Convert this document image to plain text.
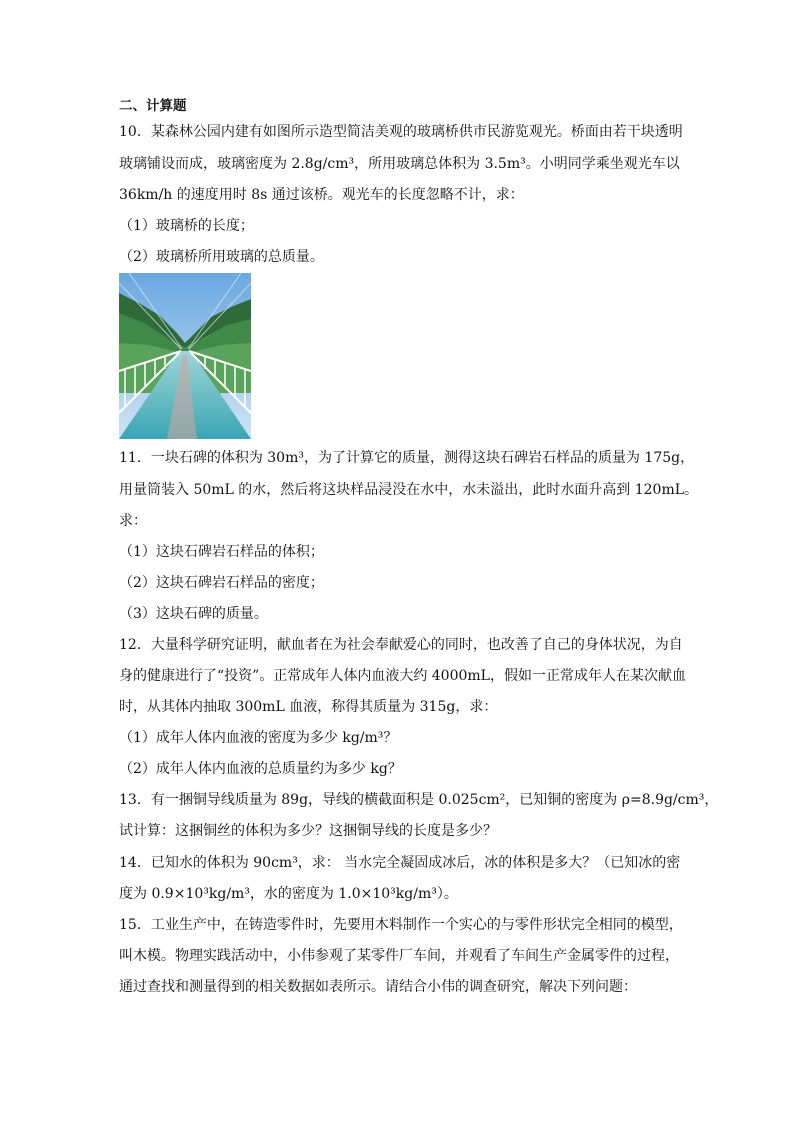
二、计算题
10．某森林公园内建有如图所示造型简洁美观的玻璃桥供市民游览观光。桥面由若干块透明
玻璃铺设而成，玻璃密度为 2.8g/cm³，所用玻璃总体积为 3.5m³。小明同学乘坐观光车以
36km/h 的速度用时 8s 通过该桥。观光车的长度忽略不计，求：
（1）玻璃桥的长度；
（2）玻璃桥所用玻璃的总质量。
11．一块石碑的体积为 30m³，为了计算它的质量，测得这块石碑岩石样品的质量为 175g，
用量筒装入 50mL 的水，然后将这块样品浸没在水中，水未溢出，此时水面升高到 120mL。
求：
（1）这块石碑岩石样品的体积；
（2）这块石碑岩石样品的密度；
（3）这块石碑的质量。
12．大量科学研究证明，献血者在为社会奉献爱心的同时，也改善了自己的身体状况，为自
身的健康进行了“投资”。正常成年人体内血液大约 4000mL，假如一正常成年人在某次献血
时，从其体内抽取 300mL 血液，称得其质量为 315g，求：
（1）成年人体内血液的密度为多少 kg/m³？
（2）成年人体内血液的总质量约为多少 kg？
13．有一捆铜导线质量为 89g，导线的横截面积是 0.025cm²，已知铜的密度为 ρ=8.9g/cm³，
试计算：这捆铜丝的体积为多少？这捆铜导线的长度是多少？
14．已知水的体积为 90cm³，求： 当水完全凝固成冰后，冰的体积是多大？（已知冰的密
度为 0.9×10³kg/m³，水的密度为 1.0×10³kg/m³）。
15．工业生产中，在铸造零件时，先要用木料制作一个实心的与零件形状完全相同的模型，
叫木模。物理实践活动中，小伟参观了某零件厂车间，并观看了车间生产金属零件的过程，
通过查找和测量得到的相关数据如表所示。请结合小伟的调查研究，解决下列问题：
